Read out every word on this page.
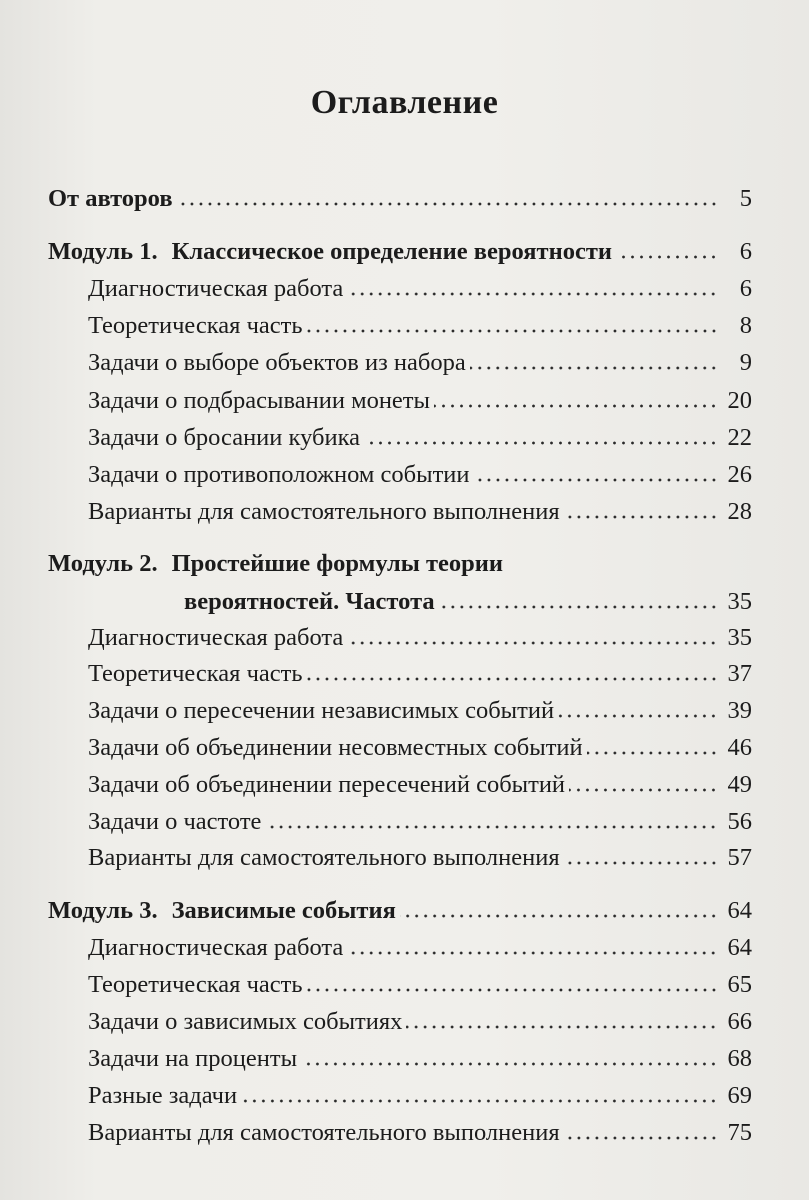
Оглавление
От авторов	5
Модуль 1. Классическое определение вероятности	6
Диагностическая работа	6
Теоретическая часть	8
Задачи о выборе объектов из набора	9
Задачи о подбрасывании монеты	20
Задачи о бросании кубика	22
Задачи о противоположном событии	26
Варианты для самостоятельного выполнения	28
Модуль 2. Простейшие формулы теории
вероятностей. Частота	35
Диагностическая работа	35
Теоретическая часть	37
Задачи о пересечении независимых событий	39
Задачи об объединении несовместных событий	46
Задачи об объединении пересечений событий	49
Задачи о частоте	56
Варианты для самостоятельного выполнения	57
Модуль 3. Зависимые события	64
Диагностическая работа	64
Теоретическая часть	65
Задачи о зависимых событиях	66
Задачи на проценты	68
Разные задачи	69
Варианты для самостоятельного выполнения	75
